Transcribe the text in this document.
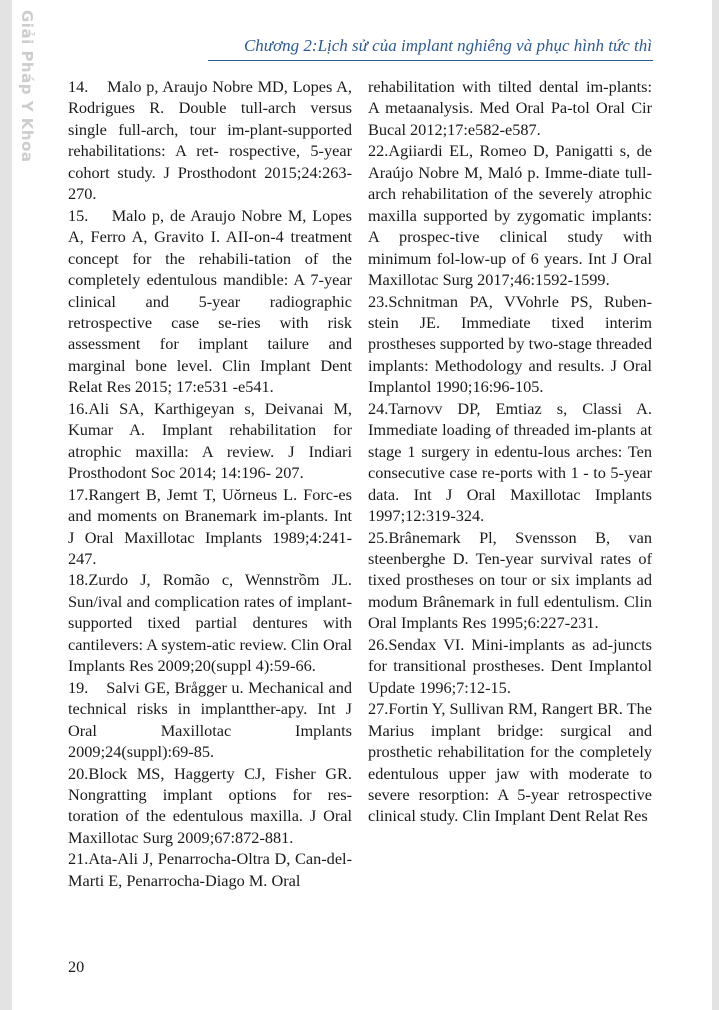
Giải Pháp Y Khoa	Chương 2:Lịch sử của implant nghiêng và phục hình tức thì

14.    Malo p, Araujo Nobre MD, Lopes A, Rodrigues R. Double tull-arch versus single full-arch, tour im-plant-supported rehabilitations: A ret- rospective, 5-year cohort study. J Prosthodont 2015;24:263-270.

15.    Malo p, de Araujo Nobre M, Lopes A, Ferro A, Gravito I. AII-on-4 treatment concept for the rehabili-tation of the completely edentulous mandible: A 7-year clinical and 5-year radiographic retrospective case se-ries with risk assessment for implant tailure and marginal bone level. Clin Implant Dent Relat Res 2015; 17:e531 -e541.

16.Ali SA, Karthigeyan s, Deivanai M, Kumar A. Implant rehabilitation for atrophic maxilla: A review. J Indiari Prosthodont Soc 2014; 14:196- 207.

17.Rangert B, Jemt T, Uŏrneus L. Forc-es and moments on Branemark im-plants. Int J Oral Maxillotac Implants 1989;4:241-247.

18.Zurdo J, Romão c, Wennstrồm JL. Sun/ival and complication rates of implant-supported tixed partial dentures with cantilevers: A system-atic review. Clin Oral Implants Res 2009;20(suppl 4):59-66.

19.    Salvi GE, Brågger u. Mechanical and technical risks in implantther-apy. Int J Oral Maxillotac Implants 2009;24(suppl):69-85.

20.Block MS, Haggerty CJ, Fisher GR. Nongratting implant options for res-toration of the edentulous maxilla. J Oral Maxillotac Surg 2009;67:872-881.

21.Ata-Ali J, Penarrocha-Oltra D, Can-del-Marti E, Penarrocha-Diago M. Oral

rehabilitation with tilted dental im-plants: A metaanalysis. Med Oral Pa-tol Oral Cir Bucal 2012;17:e582-e587.

22.Agiiardi EL, Romeo D, Panigatti s, de Araújo Nobre M, Maló p. Imme-diate tull-arch rehabilitation of the severely atrophic maxilla supported by zygomatic implants: A prospec-tive clinical study with minimum fol-low-up of 6 years. Int J Oral Maxillotac Surg 2017;46:1592-1599.

23.Schnitman PA, VVohrle PS, Ruben-stein JE. Immediate tixed interim prostheses supported by two-stage threaded implants: Methodology and results. J Oral Implantol 1990;16:96-105.

24.Tarnovv DP, Emtiaz s, Classi A. Immediate loading of threaded im-plants at stage 1 surgery in edentu-lous arches: Ten consecutive case re-ports with 1 - to 5-year data. Int J Oral Maxillotac Implants 1997;12:319-324.

25.Brânemark Pl, Svensson B, van steenberghe D. Ten-year survival rates of tixed prostheses on tour or six implants ad modum Brânemark in full edentulism. Clin Oral Implants Res 1995;6:227-231.

26.Sendax VI. Mini-implants as ad-juncts for transitional prostheses. Dent Implantol Update 1996;7:12-15.

27.Fortin Y, Sullivan RM, Rangert BR. The Marius implant bridge: surgical and prosthetic rehabilitation for the completely edentulous upper jaw with moderate to severe resorption: A 5-year retrospective clinical study. Clin Implant Dent Relat Res

20
